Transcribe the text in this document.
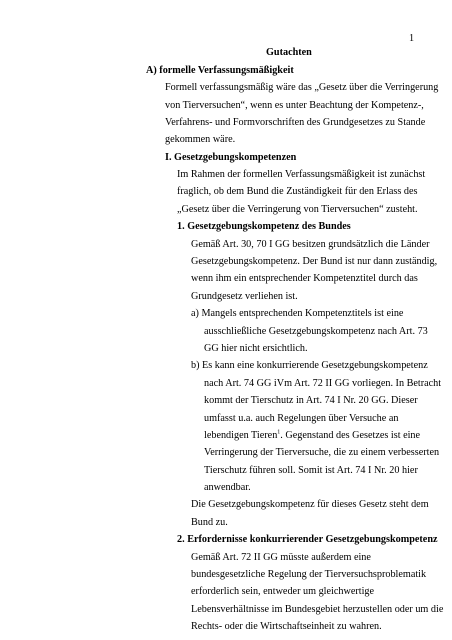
1
Gutachten
A) formelle Verfassungsmäßigkeit
Formell verfassungsmäßig wäre das „Gesetz über die Verringerung
von Tierversuchen“, wenn es unter Beachtung der Kompetenz-,
Verfahrens- und Formvorschriften des Grundgesetzes zu Stande
gekommen wäre.
I. Gesetzgebungskompetenzen
Im Rahmen der formellen Verfassungsmäßigkeit ist zunächst
fraglich, ob dem Bund die Zuständigkeit für den Erlass des
„Gesetz über die Verringerung von Tierversuchen“ zusteht.
1. Gesetzgebungskompetenz des Bundes
Gemäß Art. 30, 70 I GG besitzen grundsätzlich die Länder
Gesetzgebungskompetenz. Der Bund ist nur dann zuständig,
wenn ihm ein entsprechender Kompetenztitel durch das
Grundgesetz verliehen ist.
a) Mangels entsprechenden Kompetenztitels ist eine
ausschließliche Gesetzgebungskompetenz nach Art. 73
GG hier nicht ersichtlich.
b) Es kann eine konkurrierende Gesetzgebungskompetenz
nach Art. 74 GG iVm Art. 72 II GG vorliegen. In Betracht
kommt der Tierschutz in Art. 74 I Nr. 20 GG. Dieser
umfasst u.a. auch Regelungen über Versuche an
lebendigen Tieren$^1$. Gegenstand des Gesetzes ist eine
Verringerung der Tierversuche, die zu einem verbesserten
Tierschutz führen soll. Somit ist Art. 74 I Nr. 20 hier
anwendbar.
Die Gesetzgebungskompetenz für dieses Gesetz steht dem
Bund zu.
2. Erfordernisse konkurrierender Gesetzgebungskompetenz
Gemäß Art. 72 II GG müsste außerdem eine
bundesgesetzliche Regelung der Tierversuchsproblematik
erforderlich sein, entweder um gleichwertige
Lebensverhältnisse im Bundesgebiet herzustellen oder um die
Rechts- oder die Wirtschaftseinheit zu wahren.
